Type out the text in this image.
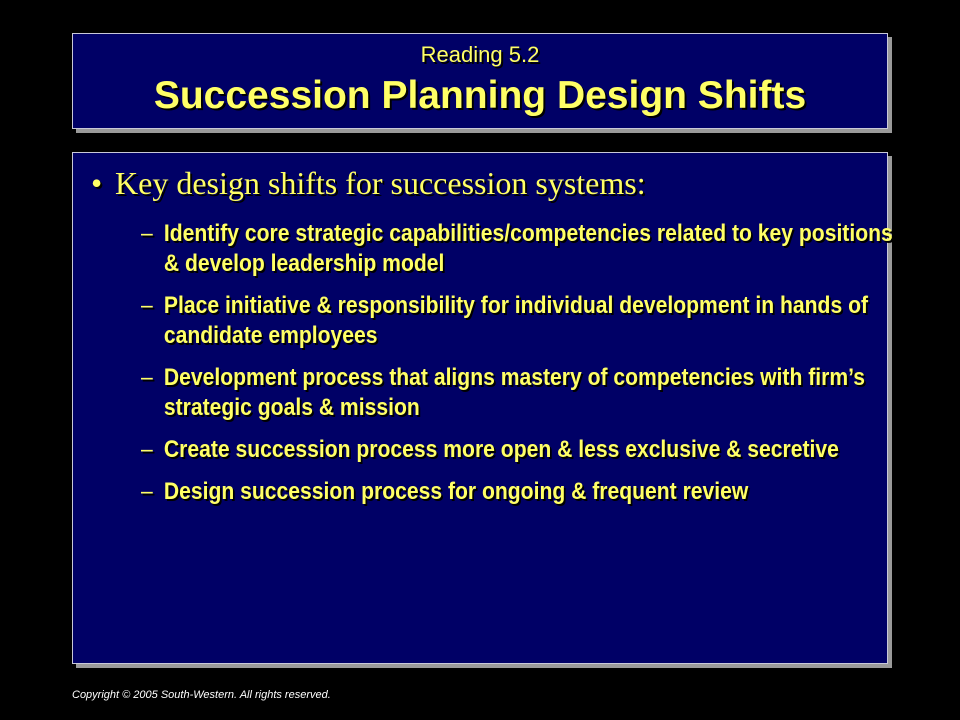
Reading 5.2
Succession Planning Design Shifts
• Key design shifts for succession systems:
– Identify core strategic capabilities/competencies related to key positions & develop leadership model
– Place initiative & responsibility for individual development in hands of candidate employees
– Development process that aligns mastery of competencies with firm’s strategic goals & mission
– Create succession process more open & less exclusive & secretive
– Design succession process for ongoing & frequent review
Copyright © 2005 South-Western. All rights reserved.
